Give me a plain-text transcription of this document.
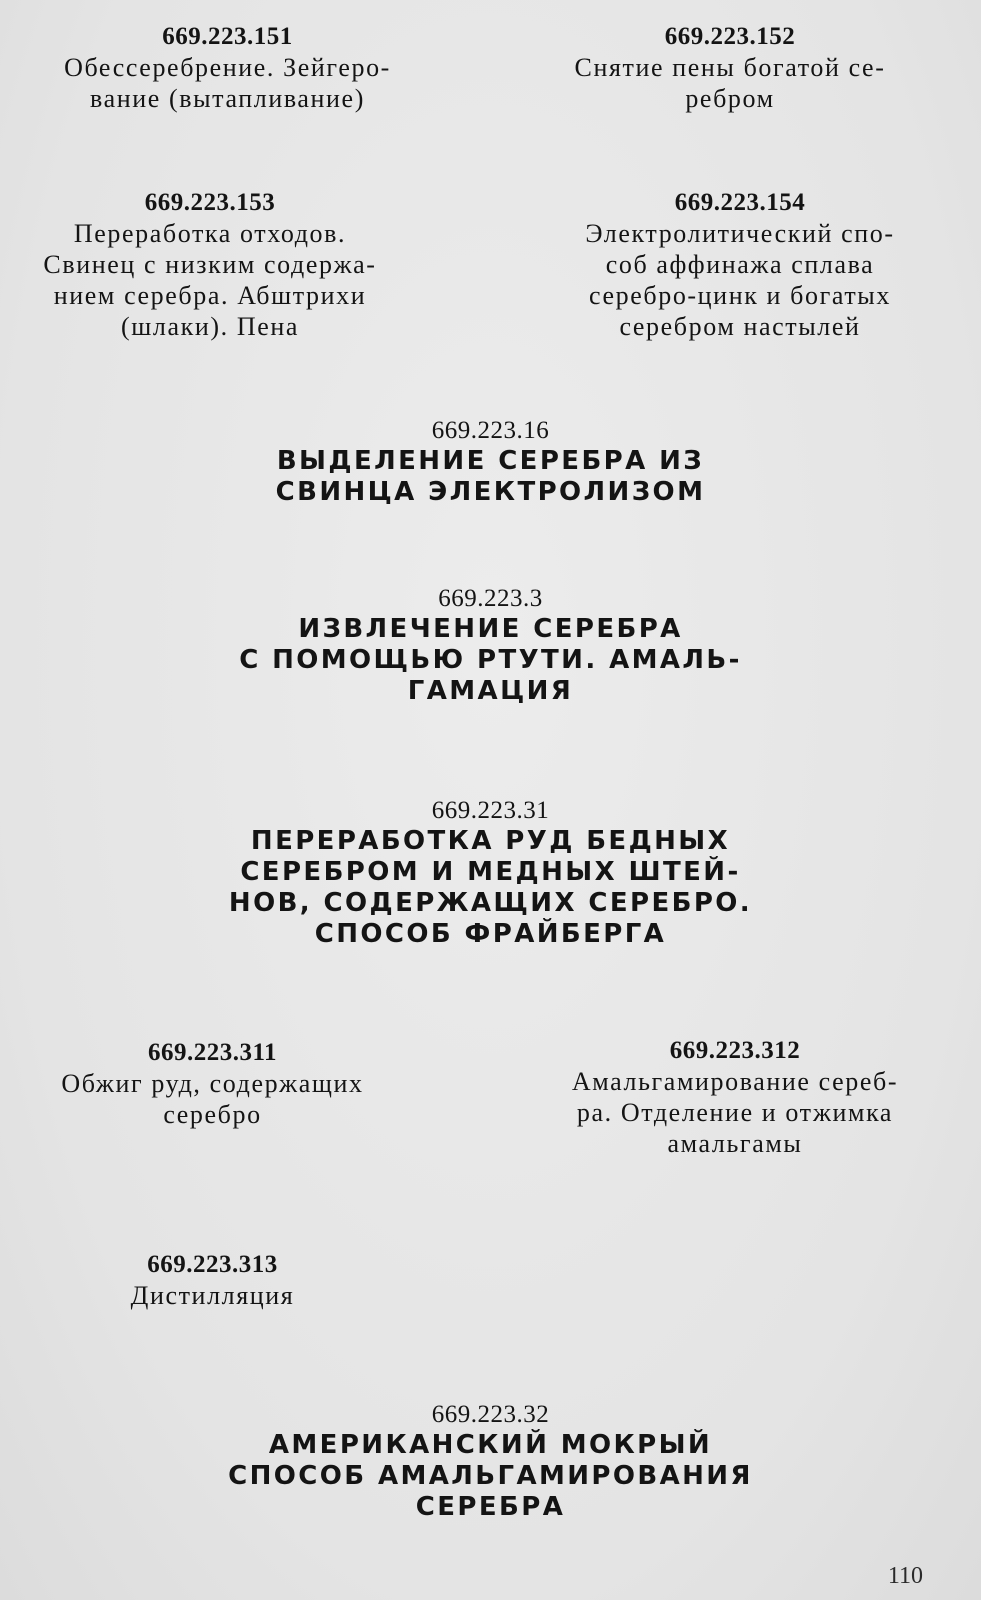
669.223.151
Обессеребрение. Зейгеро-
вание (вытапливание)
669.223.152
Снятие пены богатой се-
ребром
669.223.153
Переработка отходов.
Свинец с низким содержа-
нием серебра. Абштрихи
(шлаки). Пена
669.223.154
Электролитический спо-
соб аффинажа сплава
серебро-цинк и богатых
серебром настылей
669.223.16
ВЫДЕЛЕНИЕ СЕРЕБРА ИЗ
СВИНЦА ЭЛЕКТРОЛИЗОМ
669.223.3
ИЗВЛЕЧЕНИЕ СЕРЕБРА
С ПОМОЩЬЮ РТУТИ. АМАЛЬ-
ГАМАЦИЯ
669.223.31
ПЕРЕРАБОТКА РУД БЕДНЫХ
СЕРЕБРОМ И МЕДНЫХ ШТЕЙ-
НОВ, СОДЕРЖАЩИХ СЕРЕБРО.
СПОСОБ ФРАЙБЕРГА
669.223.311
Обжиг руд, содержащих
серебро
669.223.312
Амальгамирование сереб-
ра. Отделение и отжимка
амальгамы
669.223.313
Дистилляция
669.223.32
АМЕРИКАНСКИЙ МОКРЫЙ
СПОСОБ АМАЛЬГАМИРОВАНИЯ
СЕРЕБРА
110
